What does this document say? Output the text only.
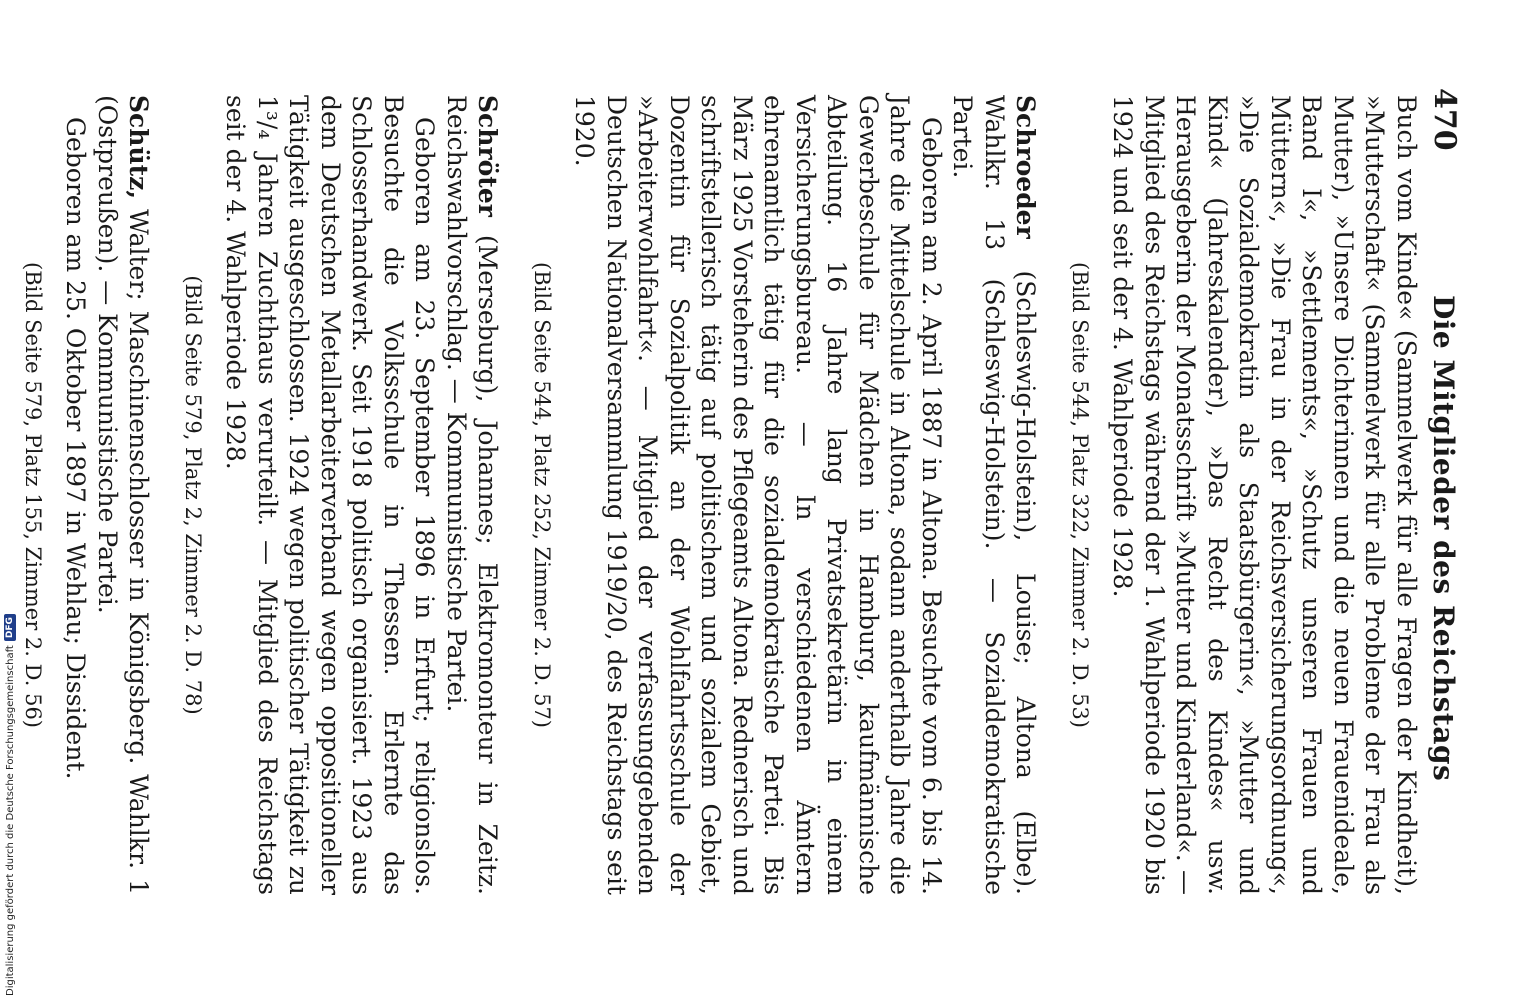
470
Die Mitglieder des Reichstags

Buch vom Kinde« (Sammelwerk für alle Fragen der Kindheit), »Mutterschaft« (Sammelwerk für alle Probleme der Frau als Mutter), »Unsere Dichterinnen und die neuen Frauenideale, Band I«, »Settlements«, »Schutz unseren Frauen und Müttern«, »Die Frau in der Reichsversicherungsordnung«, »Die Sozialdemokratin als Staatsbürgerin«, »Mutter und Kind« (Jahreskalender), »Das Recht des Kindes« usw. Herausgeberin der Monatsschrift »Mutter und Kinderland«. — Mitglied des Reichstags während der 1. Wahlperiode 1920 bis 1924 und seit der 4. Wahlperiode 1928.

(Bild Seite 544, Platz 322, Zimmer 2. D. 53)

Schroeder (Schleswig-Holstein), Louise; Altona (Elbe). Wahlkr. 13 (Schleswig-Holstein). — Sozialdemokratische Partei.

Geboren am 2. April 1887 in Altona. Besuchte vom 6. bis 14. Jahre die Mittelschule in Altona, sodann anderthalb Jahre die Gewerbeschule für Mädchen in Hamburg, kaufmännische Abteilung. 16 Jahre lang Privatsekretärin in einem Versicherungsbureau. — In verschiedenen Ämtern ehrenamtlich tätig für die sozialdemokratische Partei. Bis März 1925 Vorsteherin des Pflegeamts Altona. Rednerisch und schriftstellerisch tätig auf politischem und sozialem Gebiet, Dozentin für Sozialpolitik an der Wohlfahrtsschule der »Arbeiterwohlfahrt«. — Mitglied der verfassunggebenden Deutschen Nationalversammlung 1919/20, des Reichstags seit 1920.

(Bild Seite 544, Platz 252, Zimmer 2. D. 57)

Schröter (Merseburg), Johannes; Elektromonteur in Zeitz. Reichswahlvorschlag. — Kommunistische Partei.

Geboren am 23. September 1896 in Erfurt; religionslos. Besuchte die Volksschule in Thessen. Erlernte das Schlosserhandwerk. Seit 1918 politisch organisiert. 1923 aus dem Deutschen Metallarbeiterverband wegen oppositioneller Tätigkeit ausgeschlossen. 1924 wegen politischer Tätigkeit zu 1³/₄ Jahren Zuchthaus verurteilt. — Mitglied des Reichstags seit der 4. Wahlperiode 1928.

(Bild Seite 579, Platz 2, Zimmer 2. D. 78)

Schütz, Walter; Maschinenschlosser in Königsberg. Wahlkr. 1 (Ostpreußen). — Kommunistische Partei.

Geboren am 25. Oktober 1897 in Wehlau; Dissident.

(Bild Seite 579, Platz 155, Zimmer 2. D. 56)

Digitalisierung gefördert durch die Deutsche Forschungsgemeinschaft
DFG
